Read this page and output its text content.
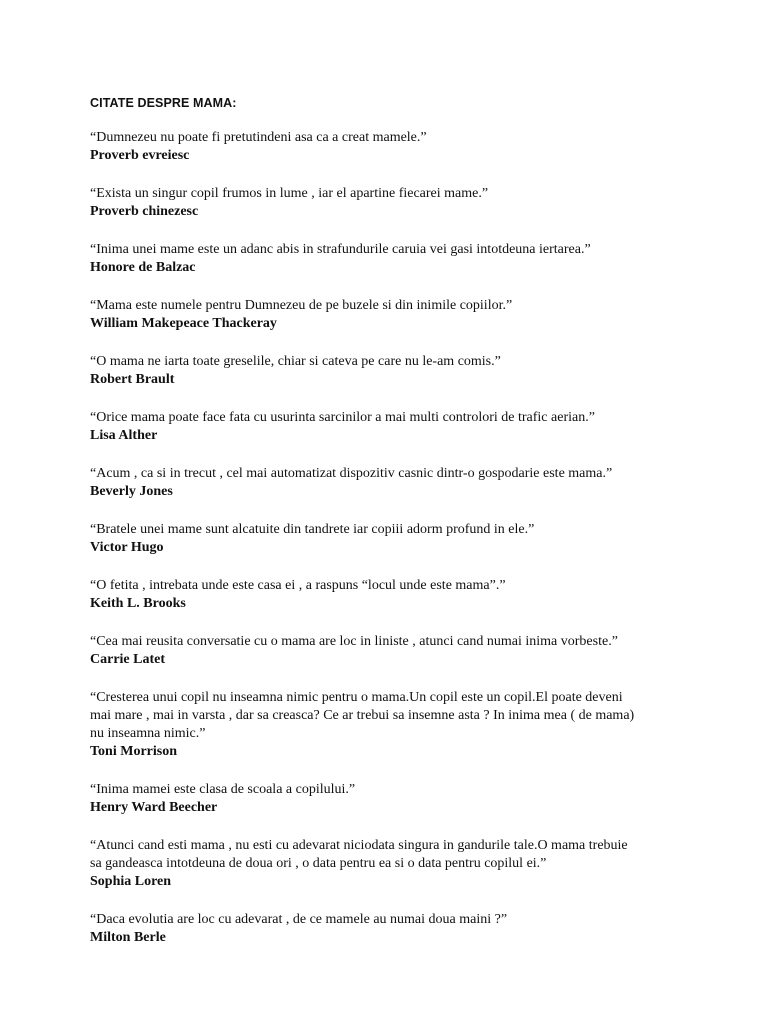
CITATE DESPRE MAMA:
“Dumnezeu nu poate fi pretutindeni asa ca a creat mamele.”
Proverb evreiesc
“Exista un singur copil frumos in lume , iar el apartine fiecarei mame.”
Proverb chinezesc
“Inima unei mame este un adanc abis in strafundurile caruia vei gasi intotdeuna iertarea.”
Honore de Balzac
“Mama este numele pentru Dumnezeu de pe buzele si din inimile copiilor.”
William Makepeace Thackeray
“O mama ne iarta toate greselile, chiar si cateva pe care nu le-am comis.”
Robert Brault
“Orice mama poate face fata cu usurinta sarcinilor a mai multi controlori de trafic aerian.”
Lisa Alther
“Acum , ca si in trecut , cel mai automatizat dispozitiv casnic dintr-o gospodarie este mama.”
Beverly Jones
“Bratele unei mame sunt alcatuite din tandrete iar copiii adorm profund in ele.”
Victor Hugo
“O fetita , intrebata unde este casa ei , a raspuns “locul unde este mama”.”
Keith L. Brooks
“Cea mai reusita conversatie cu o mama are loc in liniste , atunci cand numai inima vorbeste.”
Carrie Latet
“Cresterea unui copil nu inseamna nimic pentru o mama.Un copil este un copil.El poate deveni
mai mare , mai in varsta , dar sa creasca? Ce ar trebui sa insemne asta ? In inima mea ( de mama)
nu inseamna nimic.”
Toni Morrison
“Inima mamei este clasa de scoala a copilului.”
Henry Ward Beecher
“Atunci cand esti mama , nu esti cu adevarat niciodata singura in gandurile tale.O mama trebuie
sa gandeasca intotdeuna de doua ori , o data pentru ea si o data pentru copilul ei.”
Sophia Loren
“Daca evolutia are loc cu adevarat , de ce mamele au numai doua maini ?”
Milton Berle
